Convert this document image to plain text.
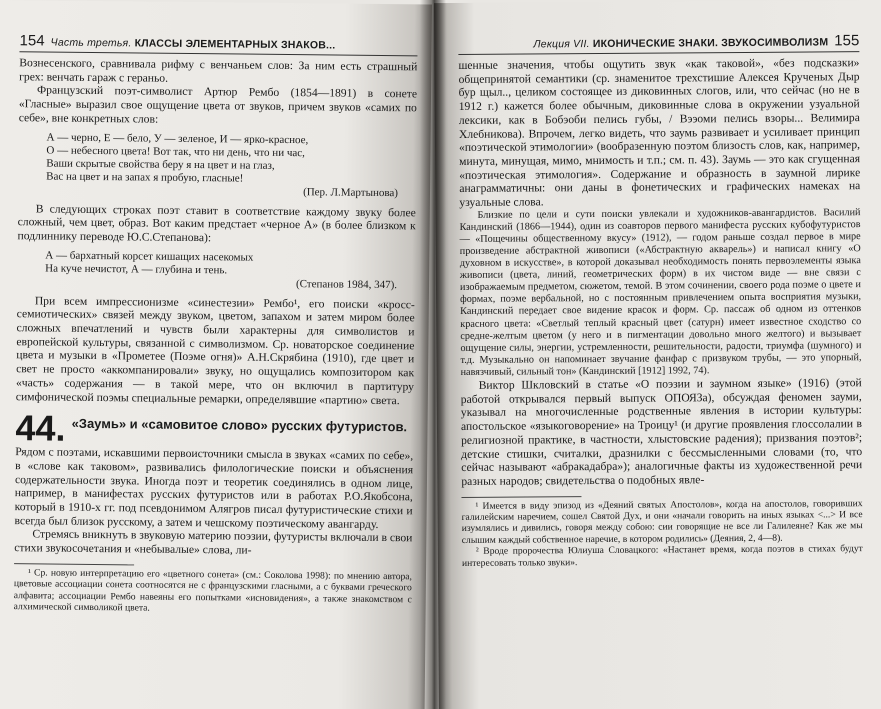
154 Часть третья. КЛАССЫ ЭЛЕМЕНТАРНЫХ ЗНАКОВ...

Вознесенского, сравнивала рифму с венчаньем слов: За ним есть страшный грех: венчать гараж с гераньо.

Французский поэт-символист Артюр Рембо (1854—1891) в сонете «Гласные» выразил свое ощущение цвета от звуков, причем звуков «самих по себе», вне конкретных слов:

А — черно, Е — бело, У — зеленое, И — ярко-красное,
О — небесного цвета! Вот так, что ни день, что ни час,
Ваши скрытые свойства беру я на цвет и на глаз,
Вас на цвет и на запах я пробую, гласные!
(Пер. Л.Мартынова)

В следующих строках поэт ставит в соответствие каждому звуку более сложный, чем цвет, образ. Вот каким предстает «черное А» (в более близком к подлиннику переводе Ю.С.Степанова):

А — бархатный корсет кишащих насекомых
На куче нечистот, А — глубина и тень.
(Степанов 1984, 347).

При всем импрессионизме «синестезии» Рембо¹, его поиски «кросс-семиотических» связей между звуком, цветом, запахом и затем миром более сложных впечатлений и чувств были характерны для символистов и европейской культуры, связанной с символизмом. Ср. новаторское соединение цвета и музыки в «Прометее (Поэме огня)» А.Н.Скрябина (1910), где цвет и свет не просто «аккомпанировали» звуку, но ощущались композитором как «часть» содержания — в такой мере, что он включил в партитуру симфонической поэмы специальные ремарки, определявшие «партию» света.

44. «Заумь» и «самовитое слово» русских футуристов.

Рядом с поэтами, искавшими первоисточники смысла в звуках «самих по себе», в «слове как таковом», развивались филологические поиски и объяснения содержательности звука. Иногда поэт и теоретик соединялись в одном лице, например, в манифестах русских футуристов или в работах Р.О.Якобсона, который в 1910-х гг. под псевдонимом Алягров писал футуристические стихи и всегда был близок русскому, а затем и чешскому поэтическому авангарду.

Стремясь вникнуть в звуковую материю поэзии, футуристы включали в свои стихи звукосочетания и «небывалые» слова, ли-

¹ Ср. новую интерпретацию его «цветного сонета» (см.: Соколова 1998): по мнению автора, цветовые ассоциации сонета соотносятся не с французскими гласными, а с буквами греческого алфавита; ассоциации Рембо навеяны его попытками «исновидения», а также знакомством с алхимической символикой цвета.

Лекция VII. ИКОНИЧЕСКИЕ ЗНАКИ. ЗВУКОСИМВОЛИЗМ 155

шенные значения, чтобы ощутить звук «как таковой», «без подсказки» общепринятой семантики (ср. знаменитое трехстишие Алексея Крученых Дыр бур щыл.., целиком состоящее из диковинных слогов, или, что сейчас (но не в 1912 г.) кажется более обычным, диковинные слова в окружении узуальной лексики, как в Бобэоби пелись губы, / Вээоми пелись взоры... Велимира Хлебникова). Впрочем, легко видеть, что заумь развивает и усиливает принцип «поэтической этимологии» (вообразенную поэтом близость слов, как, например, минута, минущая, мимо, мнимость и т.п.; см. п. 43). Заумь — это как сгущенная «поэтическая этимология». Содержание и образность в заумной лирике анаграмматичны: они даны в фонетических и графических намеках на узуальные слова.

Близкие по цели и сути поиски увлекали и художников-авангардистов. Василий Кандинский (1866—1944), один из соавторов первого манифеста русских кубофутуристов — «Пощечины общественному вкусу» (1912), — годом раньше создал первое в мире произведение абстрактной живописи («Абстрактную акварель») и написал книгу «О духовном в искусстве», в которой доказывал необходимость понять первоэлементы языка живописи (цвета, линий, геометрических форм) в их чистом виде — вне связи с изображаемым предметом, сюжетом, темой. В этом сочинении, своего рода поэме о цвете и формах, поэме вербальной, но с постоянным привлечением опыта восприятия музыки, Кандинский передает свое видение красок и форм. Ср. пассаж об одном из оттенков красного цвета: «Светлый теплый красный цвет (сатурн) имеет известное сходство со средне-желтым цветом (у него и в пигментации довольно много желтого) и вызывает ощущение силы, энергии, устремленности, решительности, радости, триумфа (шумного) и т.д. Музыкально он напоминает звучание фанфар с призвуком трубы, — это упорный, навязчивый, сильный тон» (Кандинский [1912] 1992, 74).

Виктор Шкловский в статье «О поэзии и заумном языке» (1916) (этой работой открывался первый выпуск ОПОЯЗа), обсуждая феномен зауми, указывал на многочисленные родственные явления в истории культуры: апостольское «языкоговорение» на Троицу¹ (и другие проявления глоссолалии в религиозной практике, в частности, хлыстовские радения); призвания поэтов²; детские стишки, считалки, дразнилки с бессмысленными словами (то, что сейчас называют «абракадабра»); аналогичные факты из художественной речи разных народов; свидетельства о подобных явле-

¹ Имеется в виду эпизод из «Деяний святых Апостолов», когда на апостолов, говоривших галилейским наречием, сошел Святой Дух, и они «начали говорить на иных языках <...> И все изумлялись и дивились, говоря между собою: сии говорящие не все ли Галилеяне? Как же мы слышим каждый собственное наречие, в котором родились» (Деяния, 2, 4—8).

² Вроде пророчества Юлиуша Словацкого: «Настанет время, когда поэтов в стихах будут интересовать только звуки».
